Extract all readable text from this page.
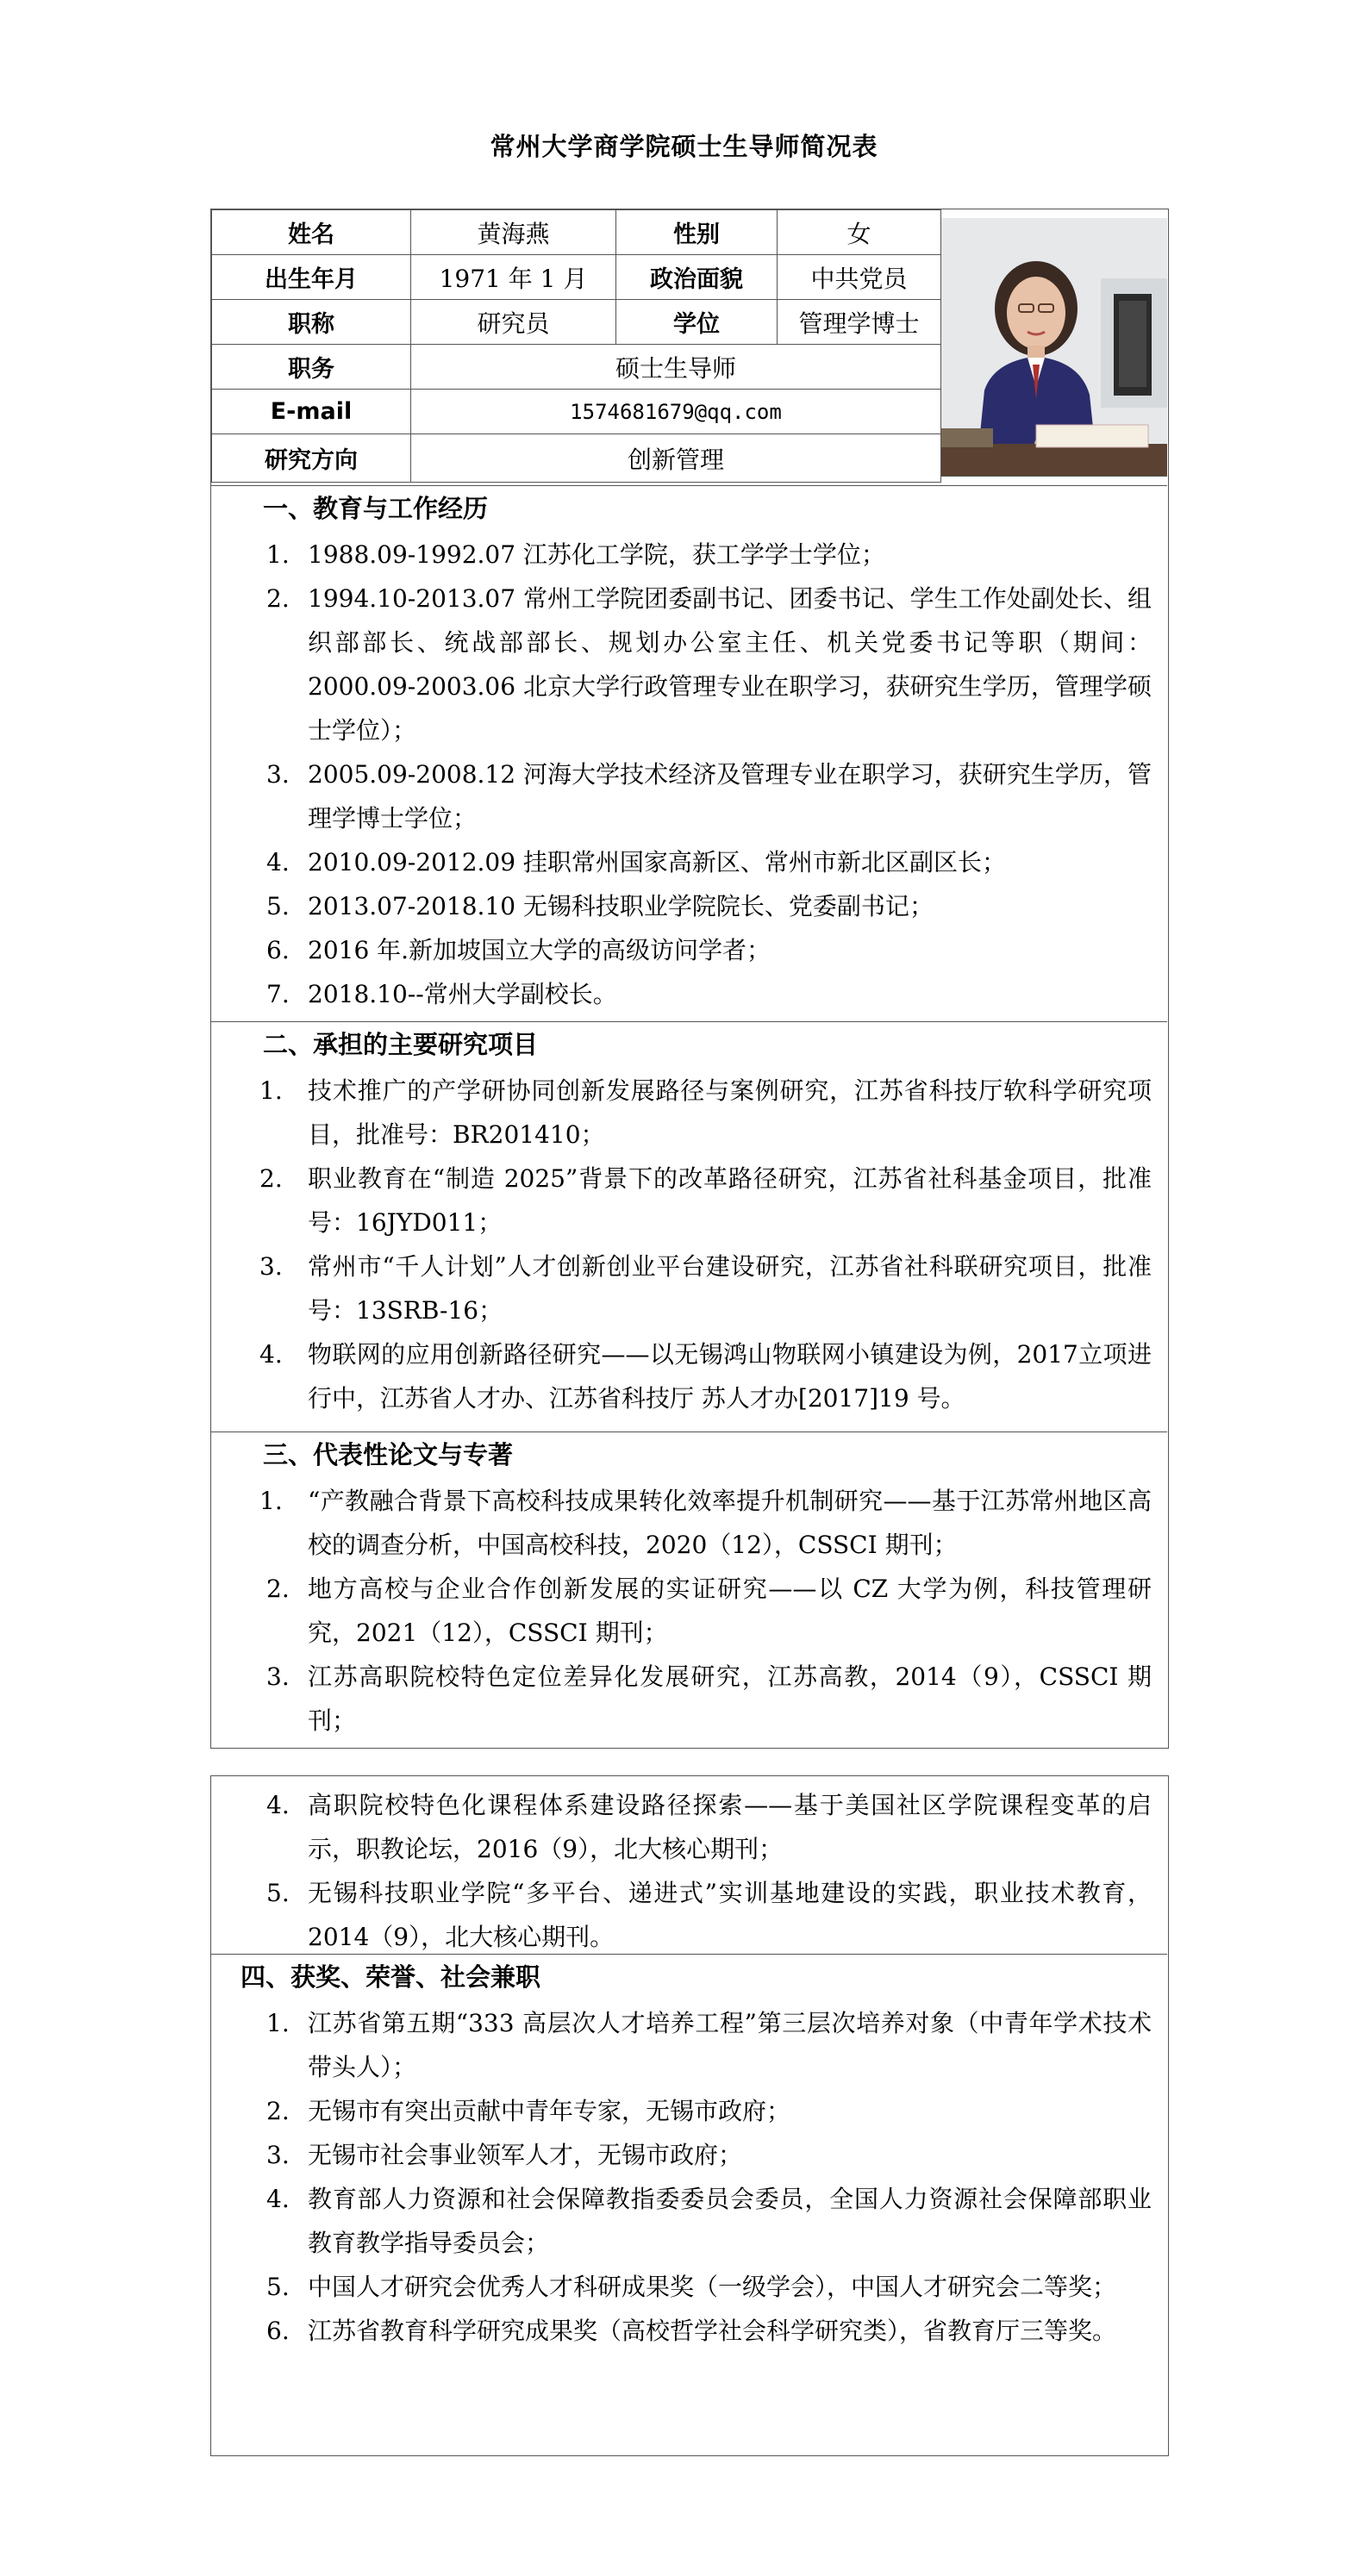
常州大学商学院硕士生导师简况表
姓名	黄海燕	性别	女
出生年月	1971 年 1 月	政治面貌	中共党员
职称	研究员	学位	管理学博士
职务	硕士生导师		
E-mail	1574681679@qq.com		
研究方向	创新管理		
一、教育与工作经历
1. 1988.09-1992.07 江苏化工学院，获工学学士学位；
2. 1994.10-2013.07 常州工学院团委副书记、团委书记、学生工作处副处长、组织部部长、统战部部长、规划办公室主任、机关党委书记等职（期间：2000.09-2003.06 北京大学行政管理专业在职学习，获研究生学历，管理学硕士学位）；
3. 2005.09-2008.12 河海大学技术经济及管理专业在职学习，获研究生学历，管理学博士学位；
4. 2010.09-2012.09 挂职常州国家高新区、常州市新北区副区长；
5. 2013.07-2018.10 无锡科技职业学院院长、党委副书记；
6. 2016 年.新加坡国立大学的高级访问学者；
7. 2018.10--常州大学副校长。
二、承担的主要研究项目
1. 技术推广的产学研协同创新发展路径与案例研究，江苏省科技厅软科学研究项目，批准号：BR201410；
2. 职业教育在“制造 2025”背景下的改革路径研究，江苏省社科基金项目，批准号：16JYD011；
3. 常州市“千人计划”人才创新创业平台建设研究，江苏省社科联研究项目，批准号：13SRB-16；
4. 物联网的应用创新路径研究——以无锡鸿山物联网小镇建设为例，2017立项进行中，江苏省人才办、江苏省科技厅 苏人才办[2017]19 号。
三、代表性论文与专著
1. “产教融合背景下高校科技成果转化效率提升机制研究——基于江苏常州地区高校的调查分析，中国高校科技，2020（12），CSSCI 期刊；
2. 地方高校与企业合作创新发展的实证研究——以 CZ 大学为例，科技管理研究，2021（12），CSSCI 期刊；
3. 江苏高职院校特色定位差异化发展研究，江苏高教，2014（9），CSSCI 期刊；
4. 高职院校特色化课程体系建设路径探索——基于美国社区学院课程变革的启示，职教论坛，2016（9），北大核心期刊；
5. 无锡科技职业学院“多平台、递进式”实训基地建设的实践，职业技术教育，2014（9），北大核心期刊。
四、获奖、荣誉、社会兼职
1. 江苏省第五期“333 高层次人才培养工程”第三层次培养对象（中青年学术技术带头人）；
2. 无锡市有突出贡献中青年专家，无锡市政府；
3. 无锡市社会事业领军人才，无锡市政府；
4. 教育部人力资源和社会保障教指委委员会委员，全国人力资源社会保障部职业教育教学指导委员会；
5. 中国人才研究会优秀人才科研成果奖（一级学会），中国人才研究会二等奖；
6. 江苏省教育科学研究成果奖（高校哲学社会科学研究类），省教育厅三等奖。
